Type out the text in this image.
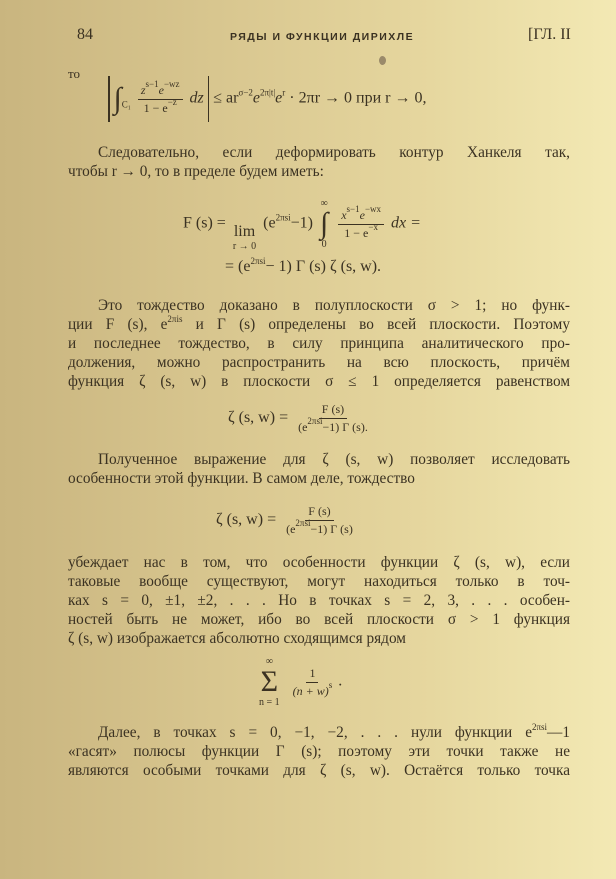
84	РЯДЫ И ФУНКЦИИ ДИРИХЛЕ	[ГЛ. II
то
$\int_{C_1} \frac{z^{s-1}e^{-wz}}{1 - e^{-z}}$ dz ≤ $ar^{\sigma-2}e^{2\pi|t|}e^r \cdot 2\pi r \to 0$ при r → 0,
Следовательно, если деформировать контур Ханкеля так,
чтобы r → 0, то в пределе будем иметь:
F (s) = lim
r → 0
$(e^{2\pi si}-1)$
∞
∫
0

$\frac{x^{s-1}e^{-wx}}{1 - e^{-x}}$ dx =
= $(e^{2\pi si}- 1)$ Γ (s) ζ (s, w).
Это тождество доказано в полуплоскости σ > 1; но функ-
ции F (s), $e^{2\pi is}$ и Γ (s) определены во всей плоскости. Поэтому
и последнее тождество, в силу принципа аналитического про-
должения, можно распространить на всю плоскость, причём
функция ζ (s, w) в плоскости σ ≤ 1 определяется равенством
ζ (s, $w) = \frac{F (s)}{(e^{2\pi si}-1) \Gamma (s).}$
Полученное выражение для ζ (s, w) позволяет исследовать
особенности этой функции. В самом деле, тождество
ζ (s, $w) = \frac{F (s)}{(e^{2\pi si}-1) \Gamma (s)}$
убеждает нас в том, что особенности функции ζ (s, w), если
таковые вообще существуют, могут находиться только в точ-
ках s = 0, ±1, ±2, . . . Но в точках s = 2, 3, . . . особен-
ностей быть не может, ибо во всей плоскости σ > 1 функция
ζ (s, w) изображается абсолютно сходящимся рядом
∞
Σ
n = 1

$\frac{1}{(n + w)^s}$ .
Далее, в точках s = 0, −1, −2, . . . нули функции $e^{2\pi si}—1$
«гасят» полюсы функции Γ (s); поэтому эти точки также не
являются особыми точками для ζ (s, w). Остаётся только точка
